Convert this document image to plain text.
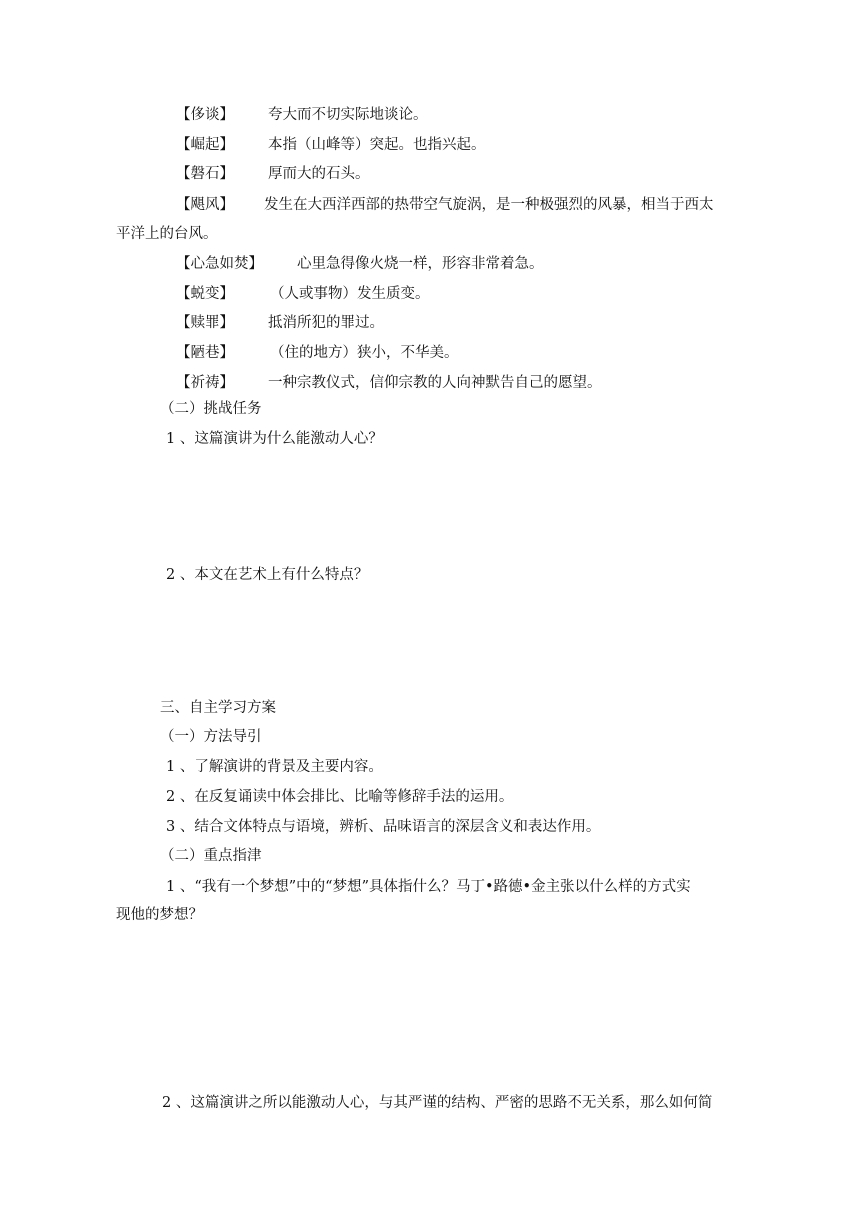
【侈谈】 夸大而不切实际地谈论。
【崛起】 本指（山峰等）突起。也指兴起。
【磐石】 厚而大的石头。
【飓风】 发生在大西洋西部的热带空气旋涡，是一种极强烈的风暴，相当于西太
平洋上的台风。
【心急如焚】 心里急得像火烧一样，形容非常着急。
【蜕变】 （人或事物）发生质变。
【赎罪】 抵消所犯的罪过。
【陋巷】 （住的地方）狭小，不华美。
【祈祷】 一种宗教仪式，信仰宗教的人向神默告自己的愿望。
（二）挑战任务
1 、这篇演讲为什么能激动人心？
2 、本文在艺术上有什么特点？
三、自主学习方案
（一）方法导引
1 、了解演讲的背景及主要内容。
2 、在反复诵读中体会排比、比喻等修辞手法的运用。
3 、结合文体特点与语境，辨析、品味语言的深层含义和表达作用。
（二）重点指津
1 、“我有一个梦想”中的“梦想”具体指什么？马丁•路德•金主张以什么样的方式实
现他的梦想？
2 、这篇演讲之所以能激动人心，与其严谨的结构、严密的思路不无关系，那么如何简
